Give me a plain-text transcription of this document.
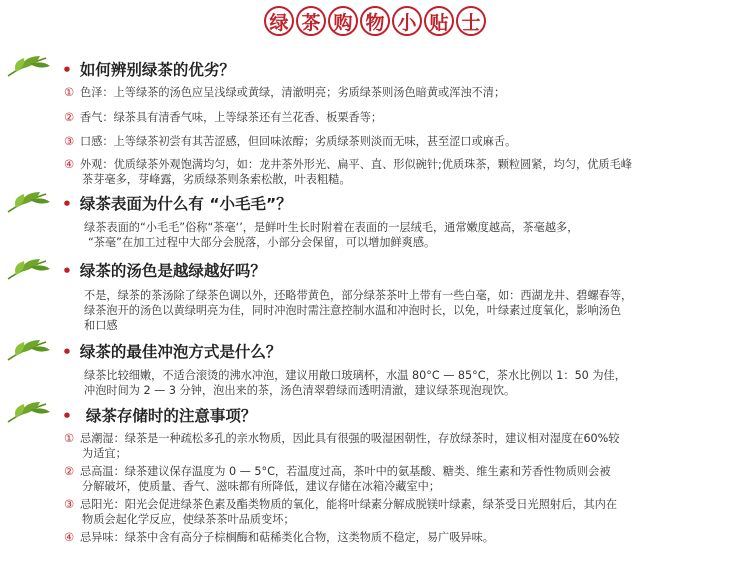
绿 茶 购 物 小 贴 士
• 如何辨别绿茶的优劣？
① 色泽：上等绿茶的汤色应呈浅绿或黄绿，清澈明亮；劣质绿茶则汤色暗黄或浑浊不清；
② 香气：绿茶具有清香气味，上等绿茶还有兰花香、板栗香等；
③ 口感：上等绿茶初尝有其苦涩感，但回味浓醇；劣质绿茶则淡而无味，甚至涩口或麻舌。
④ 外观：优质绿茶外观饱满均匀，如：龙井茶外形光、扁平、直、形似碗针;优质珠茶，颗粒圆紧，均匀，优质毛峰
茶芽毫多，芽峰露，劣质绿茶则条索松散，叶表粗糙。
• 绿茶表面为什么有 “小毛毛”？
绿茶表面的“小毛毛”俗称“茶毫‘’，是鲜叶生长时附着在表面的一层绒毛，通常嫩度越高，茶毫越多，
“茶毫”在加工过程中大部分会脱落，小部分会保留，可以增加鲜爽感。
• 绿茶的汤色是越绿越好吗？
不是，绿茶的茶汤除了绿茶色调以外，还略带黄色，部分绿茶茶叶上带有一些白毫，如：西湖龙井、碧螺春等，
绿茶泡开的汤色以黄绿明亮为佳，同时冲泡时需注意控制水温和冲泡时长，以免，叶绿素过度氧化，影响汤色
和口感
• 绿茶的最佳冲泡方式是什么？
绿茶比较细嫩，不适合滚烫的沸水冲泡，建议用敞口玻璃杯，水温 80°C — 85°C，茶水比例以 1：50 为佳，
冲泡时间为 2 — 3 分钟，泡出来的茶，汤色清翠碧绿而透明清澈，建议绿茶现泡现饮。
• 绿茶存储时的注意事项？
① 忌潮湿：绿茶是一种疏松多孔的亲水物质，因此具有很强的吸湿困朝性，存放绿茶时，建议相对湿度在60%较
为适宜；
② 忌高温：绿茶建议保存温度为 0 — 5°C，若温度过高，茶叶中的氨基酸、糖类、维生素和芳香性物质则会被
分解破坏，使质量、香气、滋味都有所降低，建议存储在冰箱冷藏室中；
③ 忌阳光：阳光会促进绿茶色素及酯类物质的氧化，能将叶绿素分解成脱镁叶绿素，绿茶受日光照射后，其内在
物质会起化学反应，使绿茶茶叶品质变坏；
④ 忌异味：绿茶中含有高分子棕榈酶和萜稀类化合物，这类物质不稳定，易广吸异味。
